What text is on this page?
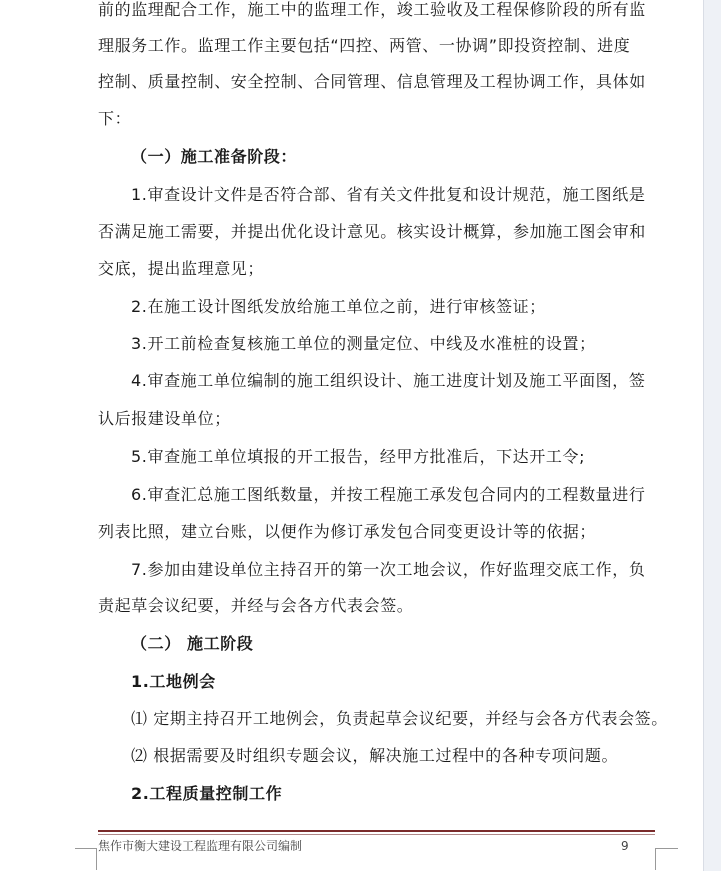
前的监理配合工作，施工中的监理工作，竣工验收及工程保修阶段的所有监
理服务工作。监理工作主要包括“四控、两管、一协调”即投资控制、进度
控制、质量控制、安全控制、合同管理、信息管理及工程协调工作，具体如
下：
（一）施工准备阶段：
1.审查设计文件是否符合部、省有关文件批复和设计规范，施工图纸是
否满足施工需要，并提出优化设计意见。核实设计概算，参加施工图会审和
交底，提出监理意见；
2.在施工设计图纸发放给施工单位之前，进行审核签证；
3.开工前检查复核施工单位的测量定位、中线及水准桩的设置；
4.审查施工单位编制的施工组织设计、施工进度计划及施工平面图，签
认后报建设单位；
5.审查施工单位填报的开工报告，经甲方批准后，下达开工令;
6.审查汇总施工图纸数量，并按工程施工承发包合同内的工程数量进行
列表比照，建立台账，以便作为修订承发包合同变更设计等的依据；
7.参加由建设单位主持召开的第一次工地会议，作好监理交底工作，负
责起草会议纪要，并经与会各方代表会签。
（二） 施工阶段
1.工地例会
⑴ 定期主持召开工地例会，负责起草会议纪要，并经与会各方代表会签。
⑵ 根据需要及时组织专题会议，解决施工过程中的各种专项问题。
2.工程质量控制工作
焦作市衡大建设工程监理有限公司编制	9
